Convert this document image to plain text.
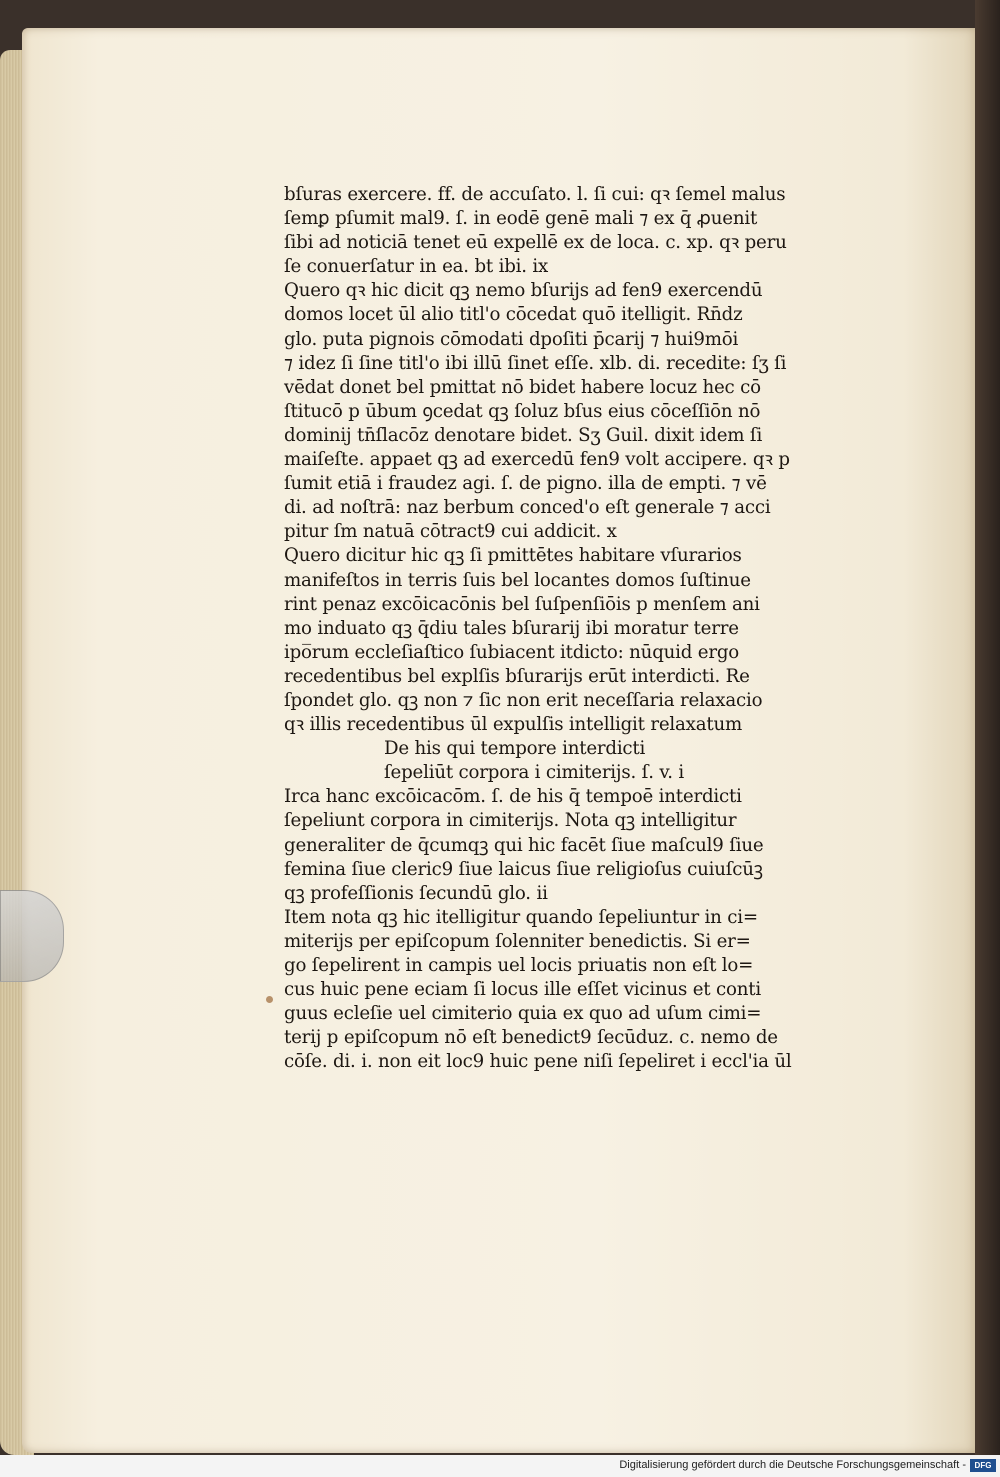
bſuras exercere. ff. de accuſato. l. ſi cui: qꝛ ſemel malus
ſemꝑ pſumit mal9. ſ. in eodē genē mali ⁊ ex q̄ ꝓuenit
ſibi ad noticiā tenet eū expellē ex de loca. c. xp. qꝛ peru
ſe conuerſatur in ea. bt ibi. ix
Quero qꝛ hic dicit qꝫ nemo bſurijs ad fen9 exercendū
domos locet ūl alio titl'o cōcedat quō itelligit. Rn̄dz
glo. puta pignois cōmodati dpoſiti p̄carij ⁊ hui9mōi
⁊ idez ſi ſine titl'o ibi illū ſinet eſſe. xlb. di. recedite: ſʒ ſi
vēdat donet bel pmittat nō bidet habere locuz hec cō
ſtitucō p ūbum ꝯcedat qꝫ ſoluz bſus eius cōceſſiōn nō
dominij tn̄ſlacōz denotare bidet. Sʒ Guil. dixit idem ſi
maiſeſte. appaet qꝫ ad exercedū fen9 volt accipere. qꝛ p
ſumit etiā i fraudez agi. ſ. de pigno. illa de empti. ⁊ vē
di. ad noſtrā: naz berbum conced'o eſt generale ⁊ acci
pitur ſm natuā cōtract9 cui addicit. x
Quero dicitur hic qꝫ ſi pmittētes habitare vſurarios
manifeſtos in terris ſuis bel locantes domos ſuſtinue
rint penaz excōicacōnis bel ſuſpenſiōis p menſem ani
mo induato qꝫ q̄diu tales bſurarij ibi moratur terre
ipo̅rum eccleſiaſtico ſubiacent itdicto: nūquid ergo
recedentibus bel explſis bſurarijs erūt interdicti. Re
ſpondet glo. qꝫ non ⁊ ſic non erit neceſſaria relaxacio
qꝛ illis recedentibus ūl expulſis intelligit relaxatum
De his qui tempore interdicti
ſepeliūt corpora i cimiterijs. ſ. v. i
Irca hanc excōicacōm. ſ. de his q̄ tempoē interdicti
ſepeliunt corpora in cimiterijs. Nota qꝫ intelligitur
generaliter de q̄cumqꝫ qui hic facēt ſiue maſcul9 ſiue
femina ſiue cleric9 ſiue laicus ſiue religioſus cuiuſcūꝫ
qꝫ profeſſionis ſecundū glo. ii
Item nota qꝫ hic itelligitur quando ſepeliuntur in ci=
miterijs per epiſcopum ſolenniter benedictis. Si er=
go ſepelirent in campis uel locis priuatis non eſt lo=
cus huic pene eciam ſi locus ille eſſet vicinus et conti
guus ecleſie uel cimiterio quia ex quo ad uſum cimi=
terij p epiſcopum nō eſt benedict9 ſecūduz. c. nemo de
cōſe. di. i. non eit loc9 huic pene niſi ſepeliret i eccl'ia ūl
Digitalisierung gefördert durch die Deutsche Forschungsgemeinschaft -	DFG
